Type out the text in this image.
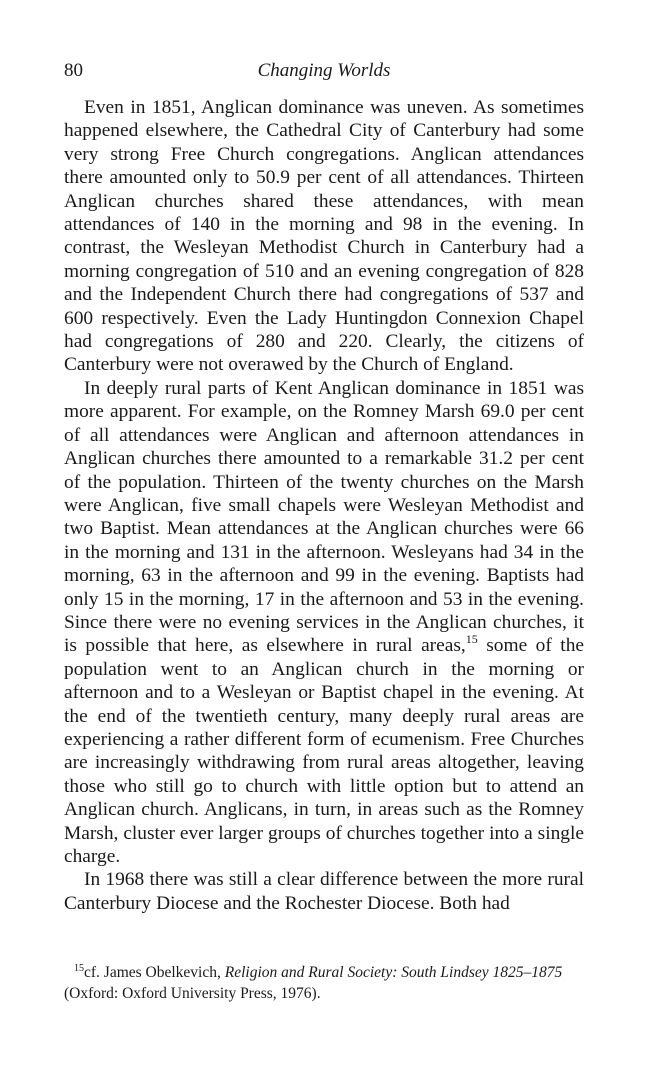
80	Changing Worlds

Even in 1851, Anglican dominance was uneven. As sometimes happened elsewhere, the Cathedral City of Canterbury had some very strong Free Church congregations. Anglican attendances there amounted only to 50.9 per cent of all attendances. Thirteen Anglican churches shared these attendances, with mean attendances of 140 in the morning and 98 in the evening. In contrast, the Wesleyan Methodist Church in Canterbury had a morning congregation of 510 and an evening congregation of 828 and the Independent Church there had congregations of 537 and 600 respectively. Even the Lady Huntingdon Connexion Chapel had congregations of 280 and 220. Clearly, the citizens of Canterbury were not overawed by the Church of England.

In deeply rural parts of Kent Anglican dominance in 1851 was more apparent. For example, on the Romney Marsh 69.0 per cent of all attendances were Anglican and afternoon attendances in Anglican churches there amounted to a remarkable 31.2 per cent of the population. Thirteen of the twenty churches on the Marsh were Anglican, five small chapels were Wesleyan Methodist and two Baptist. Mean attendances at the Anglican churches were 66 in the morning and 131 in the afternoon. Wesleyans had 34 in the morning, 63 in the afternoon and 99 in the evening. Baptists had only 15 in the morning, 17 in the afternoon and 53 in the evening. Since there were no evening services in the Anglican churches, it is possible that here, as elsewhere in rural areas,$^{15}$ some of the population went to an Anglican church in the morning or afternoon and to a Wesleyan or Baptist chapel in the evening. At the end of the twentieth century, many deeply rural areas are experiencing a rather different form of ecumenism. Free Churches are increasingly withdrawing from rural areas altogether, leaving those who still go to church with little option but to attend an Anglican church. Anglicans, in turn, in areas such as the Romney Marsh, cluster ever larger groups of churches together into a single charge.

In 1968 there was still a clear difference between the more rural Canterbury Diocese and the Rochester Diocese. Both had

$^{15}$cf. James Obelkevich, Religion and Rural Society: South Lindsey 1825–1875 (Oxford: Oxford University Press, 1976).
